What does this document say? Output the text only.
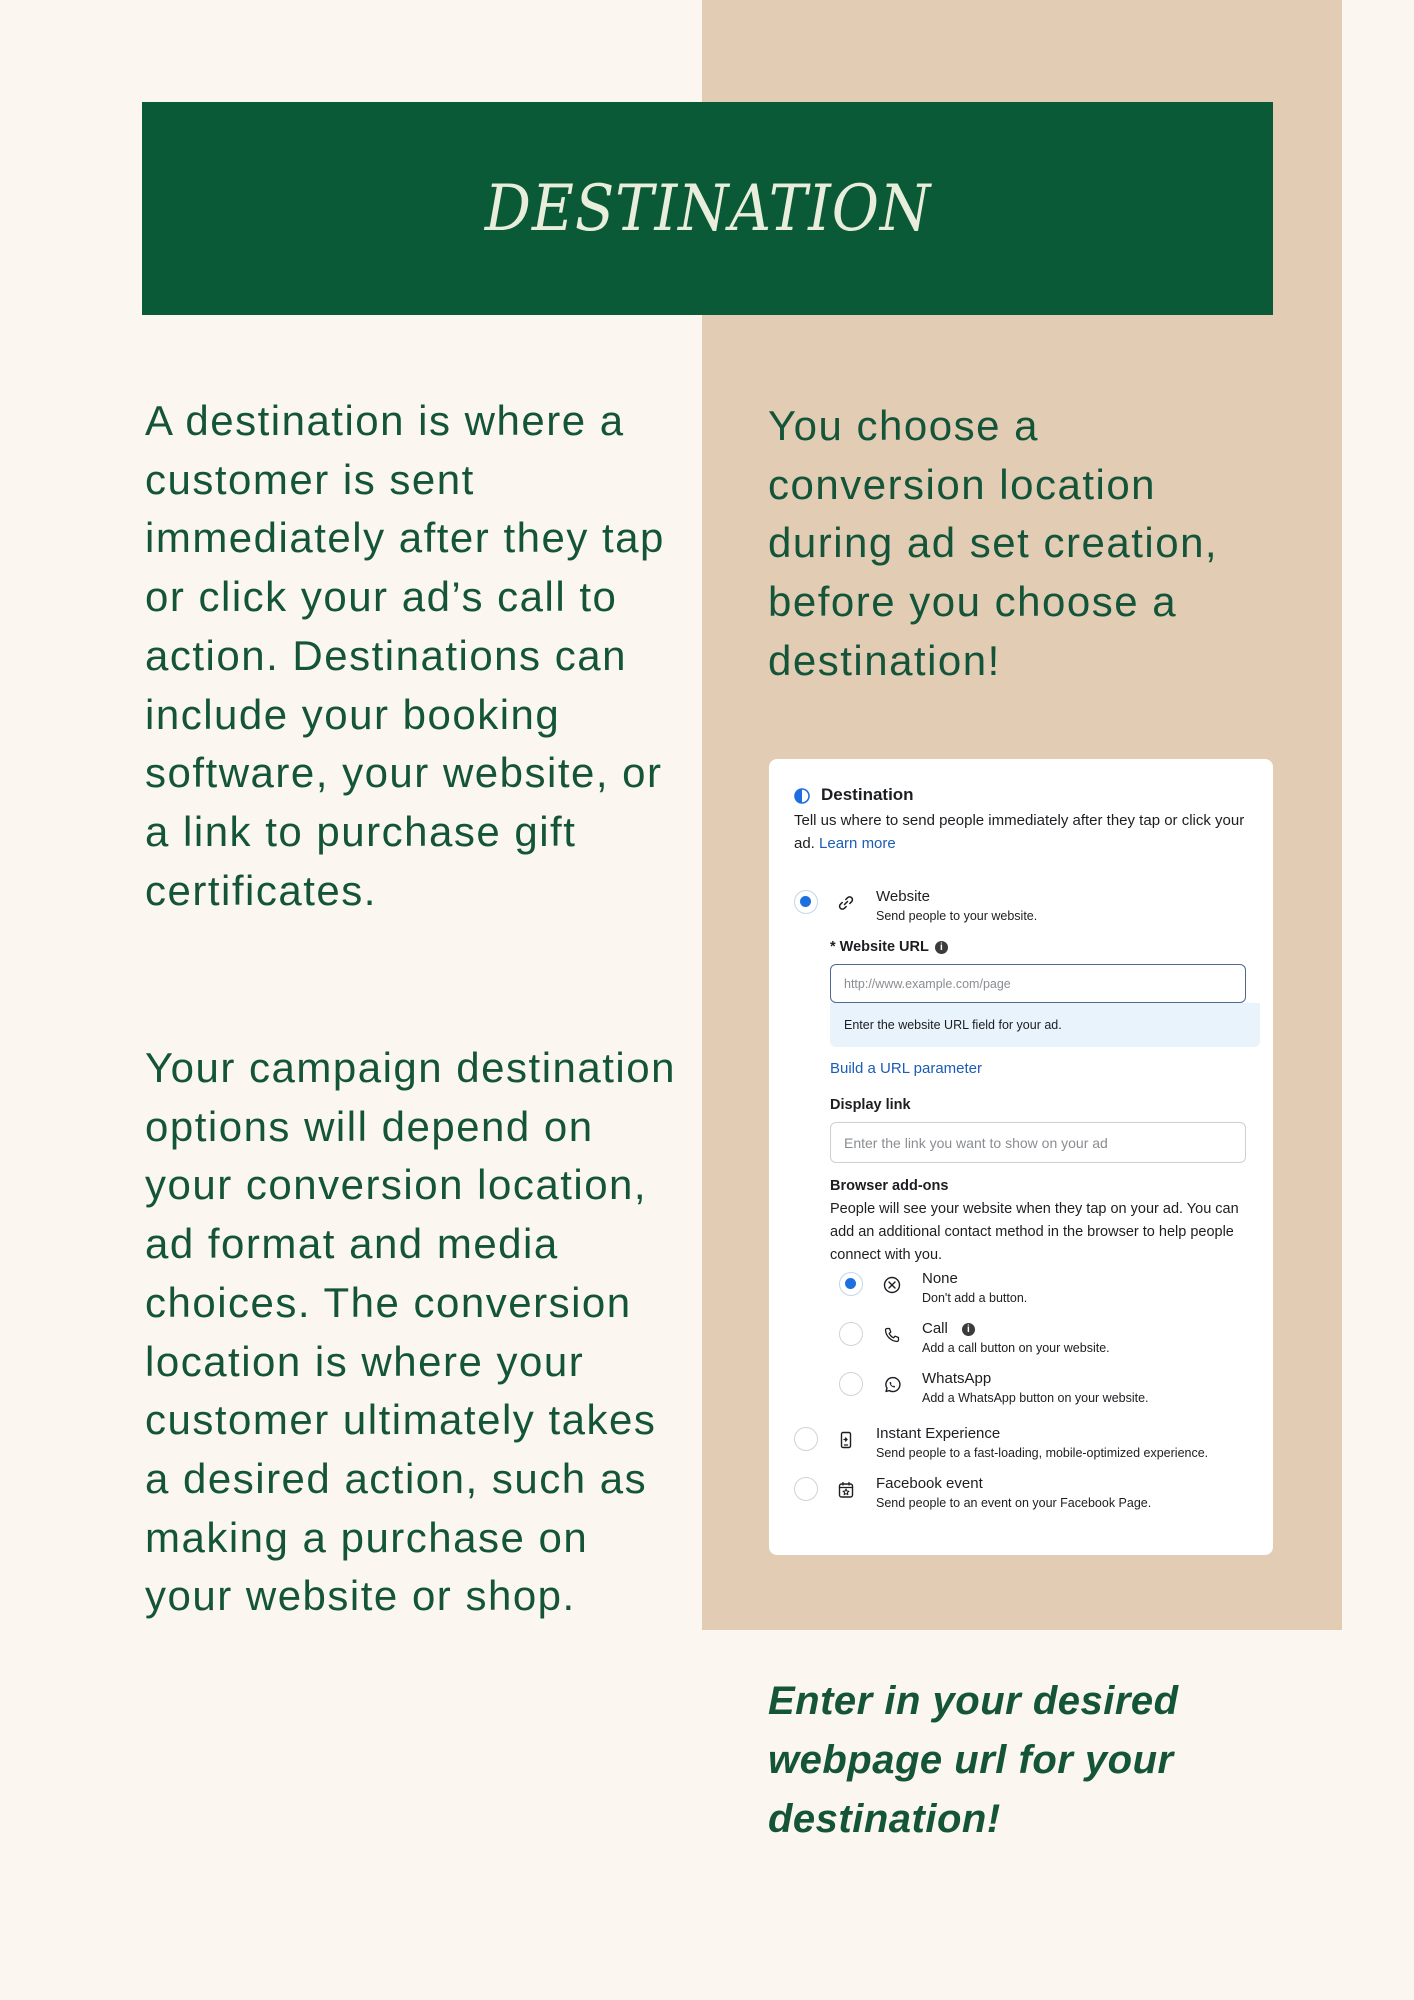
DESTINATION
A destination is where a customer is sent immediately after they tap or click your ad’s call to action. Destinations can include your booking software, your website, or a link to purchase gift certificates.
Your campaign destination options will depend on your conversion location, ad format and media choices. The conversion location is where your customer ultimately takes a desired action, such as making a purchase on your website or shop.
You choose a conversion location during ad set creation, before you choose a destination!
Destination
Tell us where to send people immediately after they tap or click your ad. Learn more
Website
Send people to your website.
* Website URL i
http://www.example.com/page
Enter the website URL field for your ad.
Build a URL parameter
Display link
Enter the link you want to show on your ad
Browser add-ons
People will see your website when they tap on your ad. You can add an additional contact method in the browser to help people connect with you.
None
Don't add a button.
Call i
Add a call button on your website.
WhatsApp
Add a WhatsApp button on your website.
Instant Experience
Send people to a fast-loading, mobile-optimized experience.
Facebook event
Send people to an event on your Facebook Page.
Enter in your desired webpage url for your destination!
